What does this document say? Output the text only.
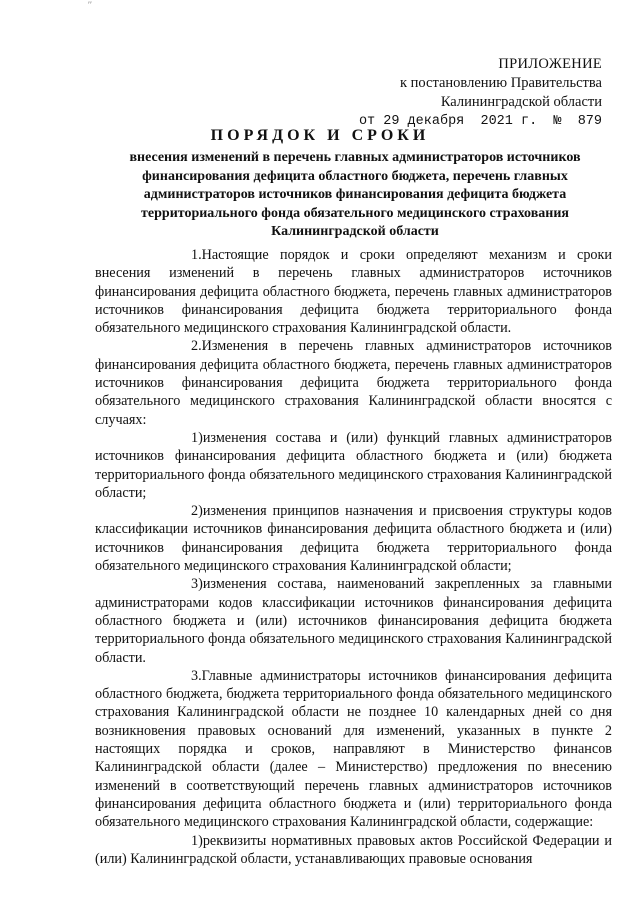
′′
ПРИЛОЖЕНИЕ
к постановлению Правительства
Калининградской области
от 29 декабря  2021 г.  №  879
ПОРЯДОК И СРОКИ
внесения изменений в перечень главных администраторов источников финансирования дефицита областного бюджета, перечень главных администраторов источников финансирования дефицита бюджета территориального фонда обязательного медицинского страхования Калининградской области

1.Настоящие порядок и сроки определяют механизм и сроки внесения изменений в перечень главных администраторов источников финансирования дефицита областного бюджета, перечень главных администраторов источников финансирования дефицита бюджета территориального фонда обязательного медицинского страхования Калининградской области.

2.Изменения в перечень главных администраторов источников финансирования дефицита областного бюджета, перечень главных администраторов источников финансирования дефицита бюджета территориального фонда обязательного медицинского страхования Калининградской области вносятся с случаях:

1)изменения состава и (или) функций главных администраторов источников финансирования дефицита областного бюджета и (или) бюджета территориального фонда обязательного медицинского страхования Калининградской области;

2)изменения принципов назначения и присвоения структуры кодов классификации источников финансирования дефицита областного бюджета и (или) источников финансирования дефицита бюджета территориального фонда обязательного медицинского страхования Калининградской области;

3)изменения состава, наименований закрепленных за главными администраторами кодов классификации источников финансирования дефицита областного бюджета и (или) источников финансирования дефицита бюджета территориального фонда обязательного медицинского страхования Калининградской области.

3.Главные администраторы источников финансирования дефицита областного бюджета, бюджета территориального фонда обязательного медицинского страхования Калининградской области не позднее 10 календарных дней со дня возникновения правовых оснований для изменений, указанных в пункте 2 настоящих порядка и сроков, направляют в Министерство финансов Калининградской области (далее – Министерство) предложения по внесению изменений в соответствующий перечень главных администраторов источников финансирования дефицита областного бюджета и (или) территориального фонда обязательного медицинского страхования Калининградской области, содержащие:

1)реквизиты нормативных правовых актов Российской Федерации и (или) Калининградской области, устанавливающих правовые основания
